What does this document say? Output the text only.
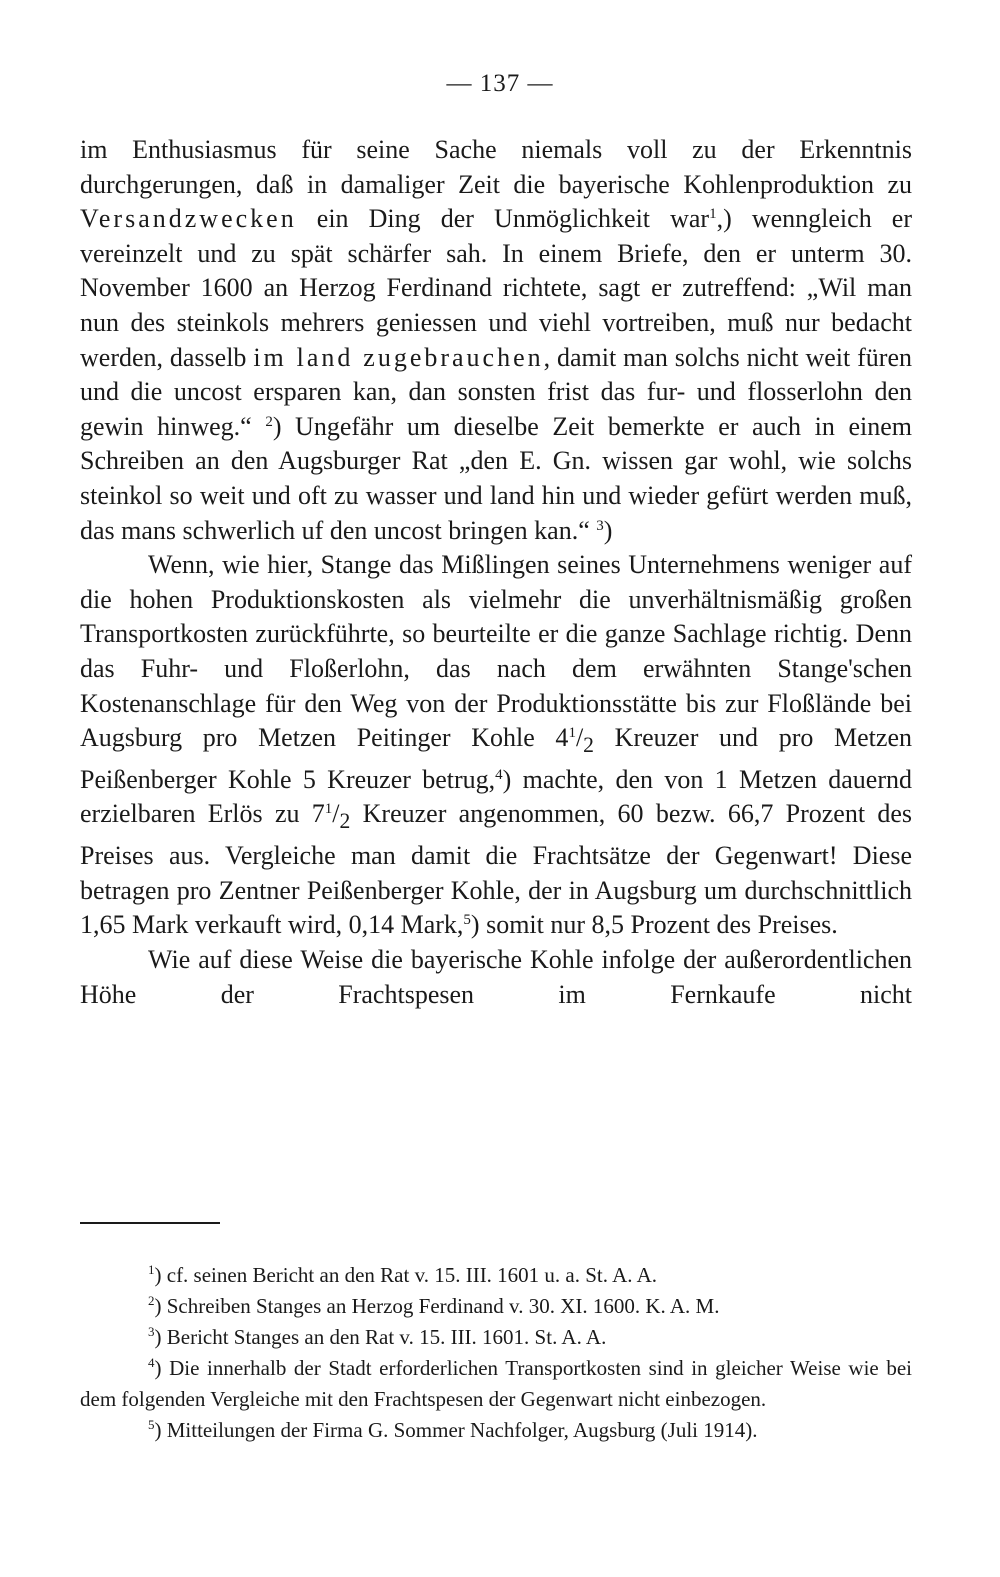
— 137 —

im Enthusiasmus für seine Sache niemals voll zu der Erkenntnis durchgerungen, daß in damaliger Zeit die bayerische Kohlenproduktion zu Versandzwecken ein Ding der Unmöglichkeit war$^1$,) wenngleich er vereinzelt und zu spät schärfer sah. In einem Briefe, den er unterm 30. November 1600 an Herzog Ferdinand richtete, sagt er zutreffend: „Wil man nun des steinkols mehrers geniessen und viehl vortreiben, muß nur bedacht werden, dasselb im land zugebrauchen, damit man solchs nicht weit füren und die uncost ersparen kan, dan sonsten frist das fur- und flosserlohn den gewin hinweg.“ $^2$) Ungefähr um dieselbe Zeit bemerkte er auch in einem Schreiben an den Augsburger Rat „den E. Gn. wissen gar wohl, wie solchs steinkol so weit und oft zu wasser und land hin und wieder gefürt werden muß, das mans schwerlich uf den uncost bringen kan.“ $^3$)

Wenn, wie hier, Stange das Mißlingen seines Unternehmens weniger auf die hohen Produktionskosten als vielmehr die unverhältnismäßig großen Transportkosten zurückführte, so beurteilte er die ganze Sachlage richtig. Denn das Fuhr- und Floßerlohn, das nach dem erwähnten Stange'schen Kostenanschlage für den Weg von der Produktionsstätte bis zur Floßlände bei Augsburg pro Metzen Peitinger Kohle $4^1/_2$ Kreuzer und pro Metzen Peißenberger Kohle 5 Kreuzer betrug,$^4$) machte, den von 1 Metzen dauernd erzielbaren Erlös zu $7^1/_2$ Kreuzer angenommen, 60 bezw. 66,7 Prozent des Preises aus. Vergleiche man damit die Frachtsätze der Gegenwart! Diese betragen pro Zentner Peißenberger Kohle, der in Augsburg um durchschnittlich 1,65 Mark verkauft wird, 0,14 Mark,$^5$) somit nur 8,5 Prozent des Preises.

Wie auf diese Weise die bayerische Kohle infolge der außerordentlichen Höhe der Frachtspesen im Fernkaufe nicht

$^1$) cf. seinen Bericht an den Rat v. 15. III. 1601 u. a. St. A. A.

$^2$) Schreiben Stanges an Herzog Ferdinand v. 30. XI. 1600. K. A. M.

$^3$) Bericht Stanges an den Rat v. 15. III. 1601. St. A. A.

$^4$) Die innerhalb der Stadt erforderlichen Transportkosten sind in gleicher Weise wie bei dem folgenden Vergleiche mit den Frachtspesen der Gegenwart nicht einbezogen.

$^5$) Mitteilungen der Firma G. Sommer Nachfolger, Augsburg (Juli 1914).
